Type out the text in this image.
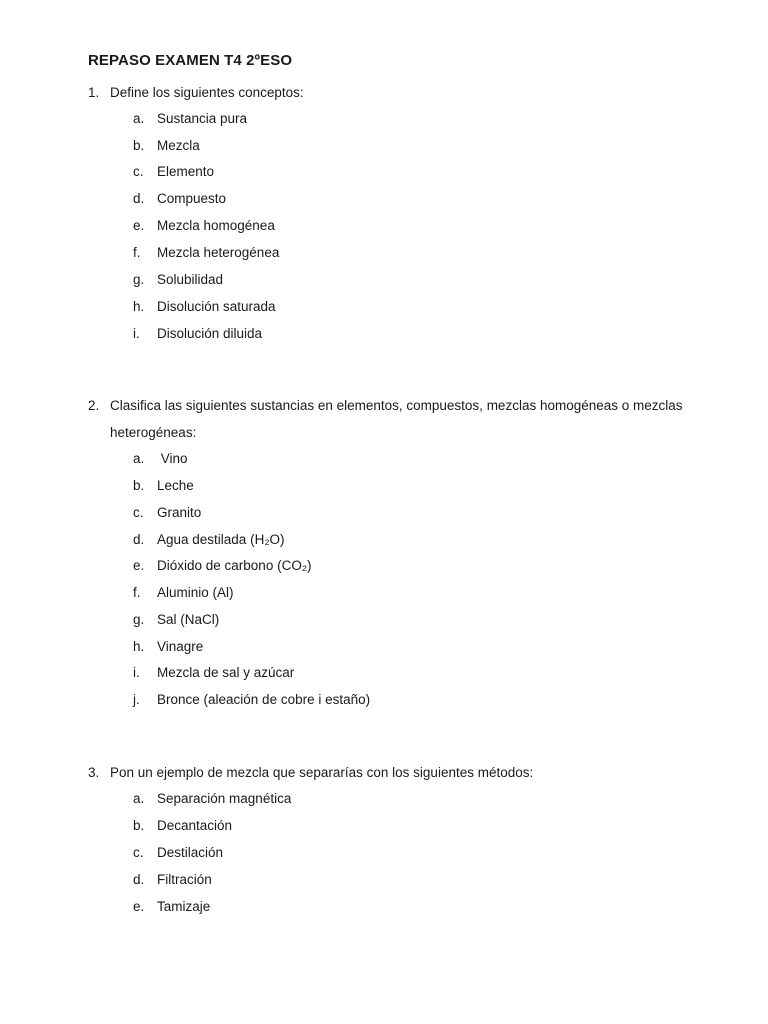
REPASO EXAMEN T4 2ºESO
1. Define los siguientes conceptos:
a. Sustancia pura
b. Mezcla
c. Elemento
d. Compuesto
e. Mezcla homogénea
f. Mezcla heterogénea
g. Solubilidad
h. Disolución saturada
i. Disolución diluida
2. Clasifica las siguientes sustancias en elementos, compuestos, mezclas homogéneas o mezclas
heterogéneas:
a. Vino
b. Leche
c. Granito
d. Agua destilada (H₂O)
e. Dióxido de carbono (CO₂)
f. Aluminio (Al)
g. Sal (NaCl)
h. Vinagre
i. Mezcla de sal y azúcar
j. Bronce (aleación de cobre i estaño)
3. Pon un ejemplo de mezcla que separarías con los siguientes métodos:
a. Separación magnética
b. Decantación
c. Destilación
d. Filtración
e. Tamizaje
